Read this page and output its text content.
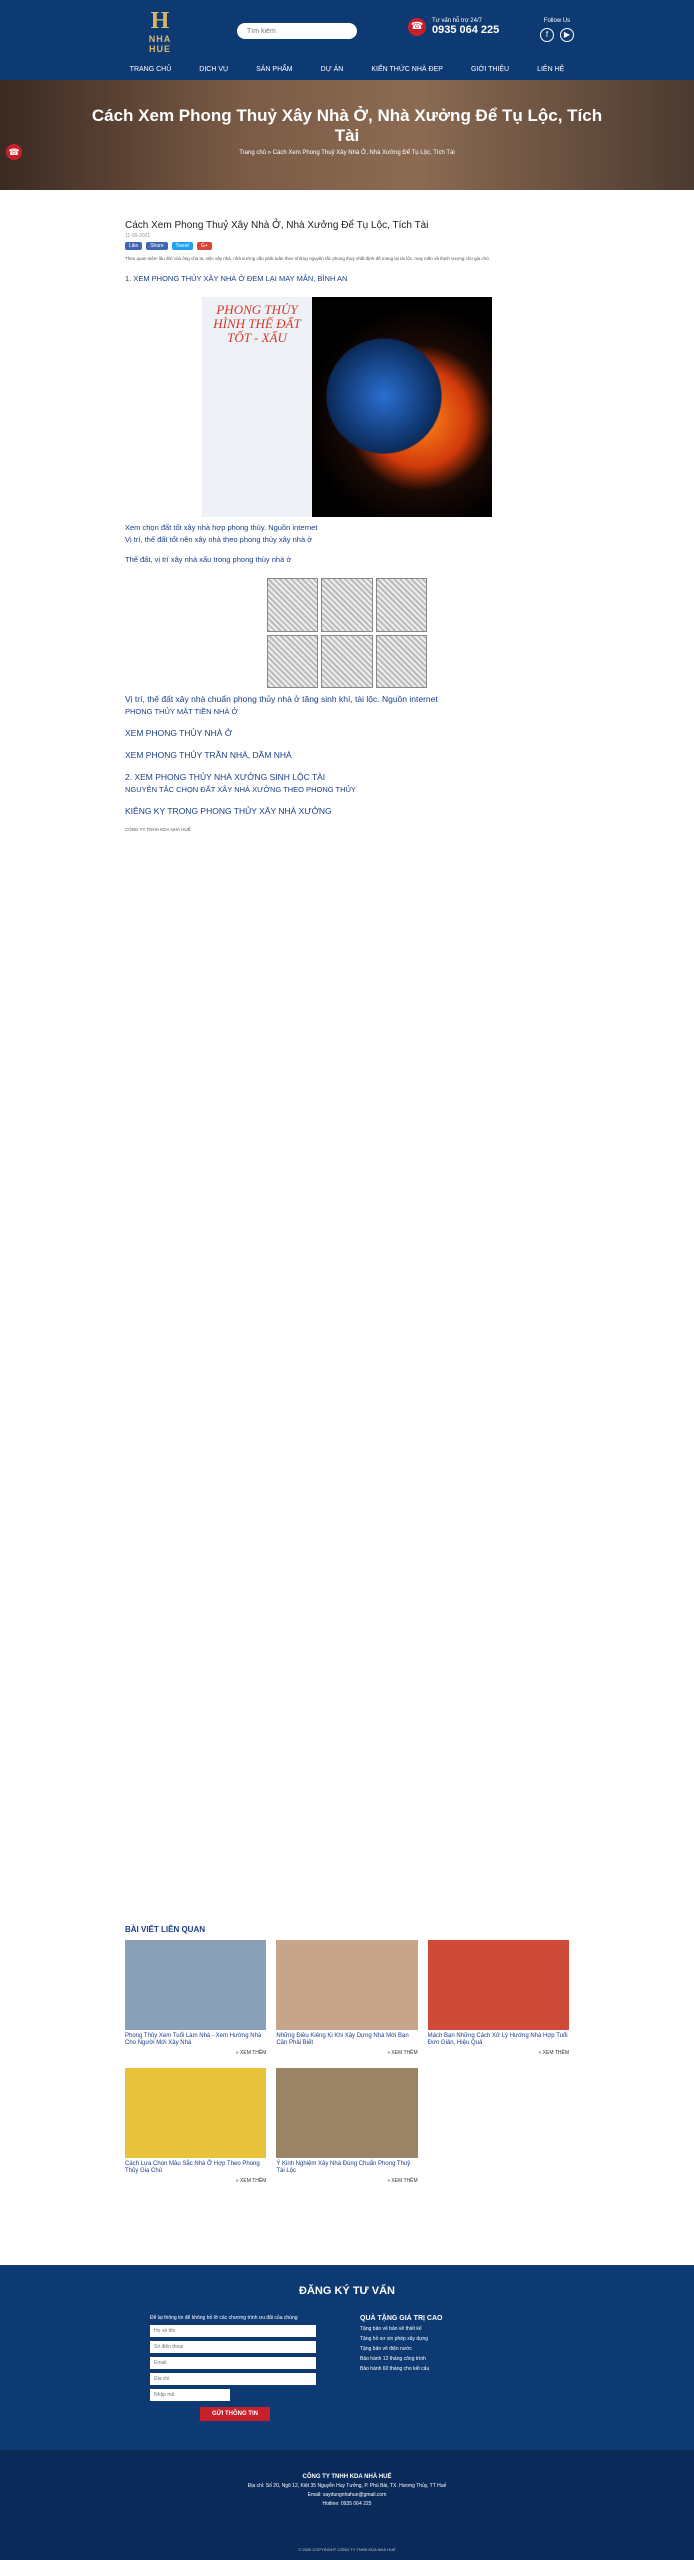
H
NHA HUE
Tìm kiếm
☎	Tư vấn hỗ trợ 24/7
0935 064 225
Follow Us
f	▶
TRANG CHỦ	DỊCH VỤ	SẢN PHẨM	DỰ ÁN	KIẾN THỨC NHÀ ĐẸP	GIỚI THIỆU	LIÊN HỆ
Cách Xem Phong Thuỷ Xây Nhà Ở, Nhà Xưởng Để Tụ Lộc, Tích Tài
Trang chủ » Cách Xem Phong Thuỷ Xây Nhà Ở, Nhà Xưởng Để Tụ Lộc, Tích Tài
☎
Cách Xem Phong Thuỷ Xây Nhà Ở, Nhà Xưởng Để Tụ Lộc, Tích Tài
11-09-2021
Like	Share	Tweet	G+

Theo quan niệm lâu đời của ông cha ta, việc xây nhà, nhà xưởng cần phải tuân theo những nguyên tắc phong thuỷ nhất định để mang lại tài lộc, may mắn và thịnh vượng cho gia chủ.

1. XEM PHONG THỦY XÂY NHÀ Ở ĐEM LẠI MAY MẮN, BÌNH AN

PHONG THỦY HÌNH THẾ ĐẤT TỐT - XẤU
Xem chọn đất tốt xây nhà hợp phong thủy. Nguồn internet
Vị trí, thế đất tốt nên xây nhà theo phong thủy xây nhà ở

Thế đất, vị trí xây nhà xấu trong phong thủy nhà ở

Vị trí, thế đất xây nhà chuẩn phong thủy nhà ở tăng sinh khí, tài lộc. Nguồn internet
PHONG THỦY MẶT TIỀN NHÀ Ở

XEM PHONG THỦY NHÀ Ở

XEM PHONG THỦY TRẦN NHÀ, DẦM NHÀ

2. XEM PHONG THỦY NHÀ XƯỞNG SINH LỘC TÀI
NGUYÊN TẮC CHỌN ĐẤT XÂY NHÀ XƯỞNG THEO PHONG THỦY

KIÊNG KỴ TRONG PHONG THỦY XÂY NHÀ XƯỞNG

CÔNG TY TNHH KDA NHÀ HUẾ

BÀI VIẾT LIÊN QUAN
Phong Thủy Xem Tuổi Làm Nhà - Xem Hướng Nhà Cho Người Mới Xây Nhà
» XEM THÊM
Những Điều Kiêng Kị Khi Xây Dựng Nhà Mới Bạn Cần Phải Biết
» XEM THÊM
Mách Bạn Những Cách Xử Lý Hướng Nhà Hợp Tuổi Đơn Giản, Hiệu Quả
» XEM THÊM
Cách Lựa Chọn Màu Sắc Nhà Ở Hợp Theo Phong Thủy Gia Chủ
» XEM THÊM
Ý Kinh Nghiệm Xây Nhà Đúng Chuẩn Phong Thuỷ Tài Lộc
» XEM THÊM
ĐĂNG KÝ TƯ VẤN
Để lại thông tin để không bỏ lỡ các chương trình ưu đãi của chúng
Họ và tên
Số điện thoại
Email
Địa chỉ
Nhập mã
GỬI THÔNG TIN
QUÀ TẶNG GIÁ TRỊ CAO
Tặng bản vẽ bản vẽ thiết kế
Tặng hồ sơ xin phép xây dựng
Tặng bản vẽ điện nước
Bảo hành 12 tháng công trình
Bảo hành 60 tháng cho kết cấu
CÔNG TY TNHH KDA NHÀ HUẾ
Địa chỉ: Số 20, Ngõ 12, Kiệt 35 Nguyễn Huy Tưởng, P. Phú Bài, TX. Hương Thủy, TT Huế
Email: xaydungnhahue@gmail.com
Hotline: 0935 064 225
© 2020 COPYRIGHT CÔNG TY TNHH KDA NHÀ HUẾ
